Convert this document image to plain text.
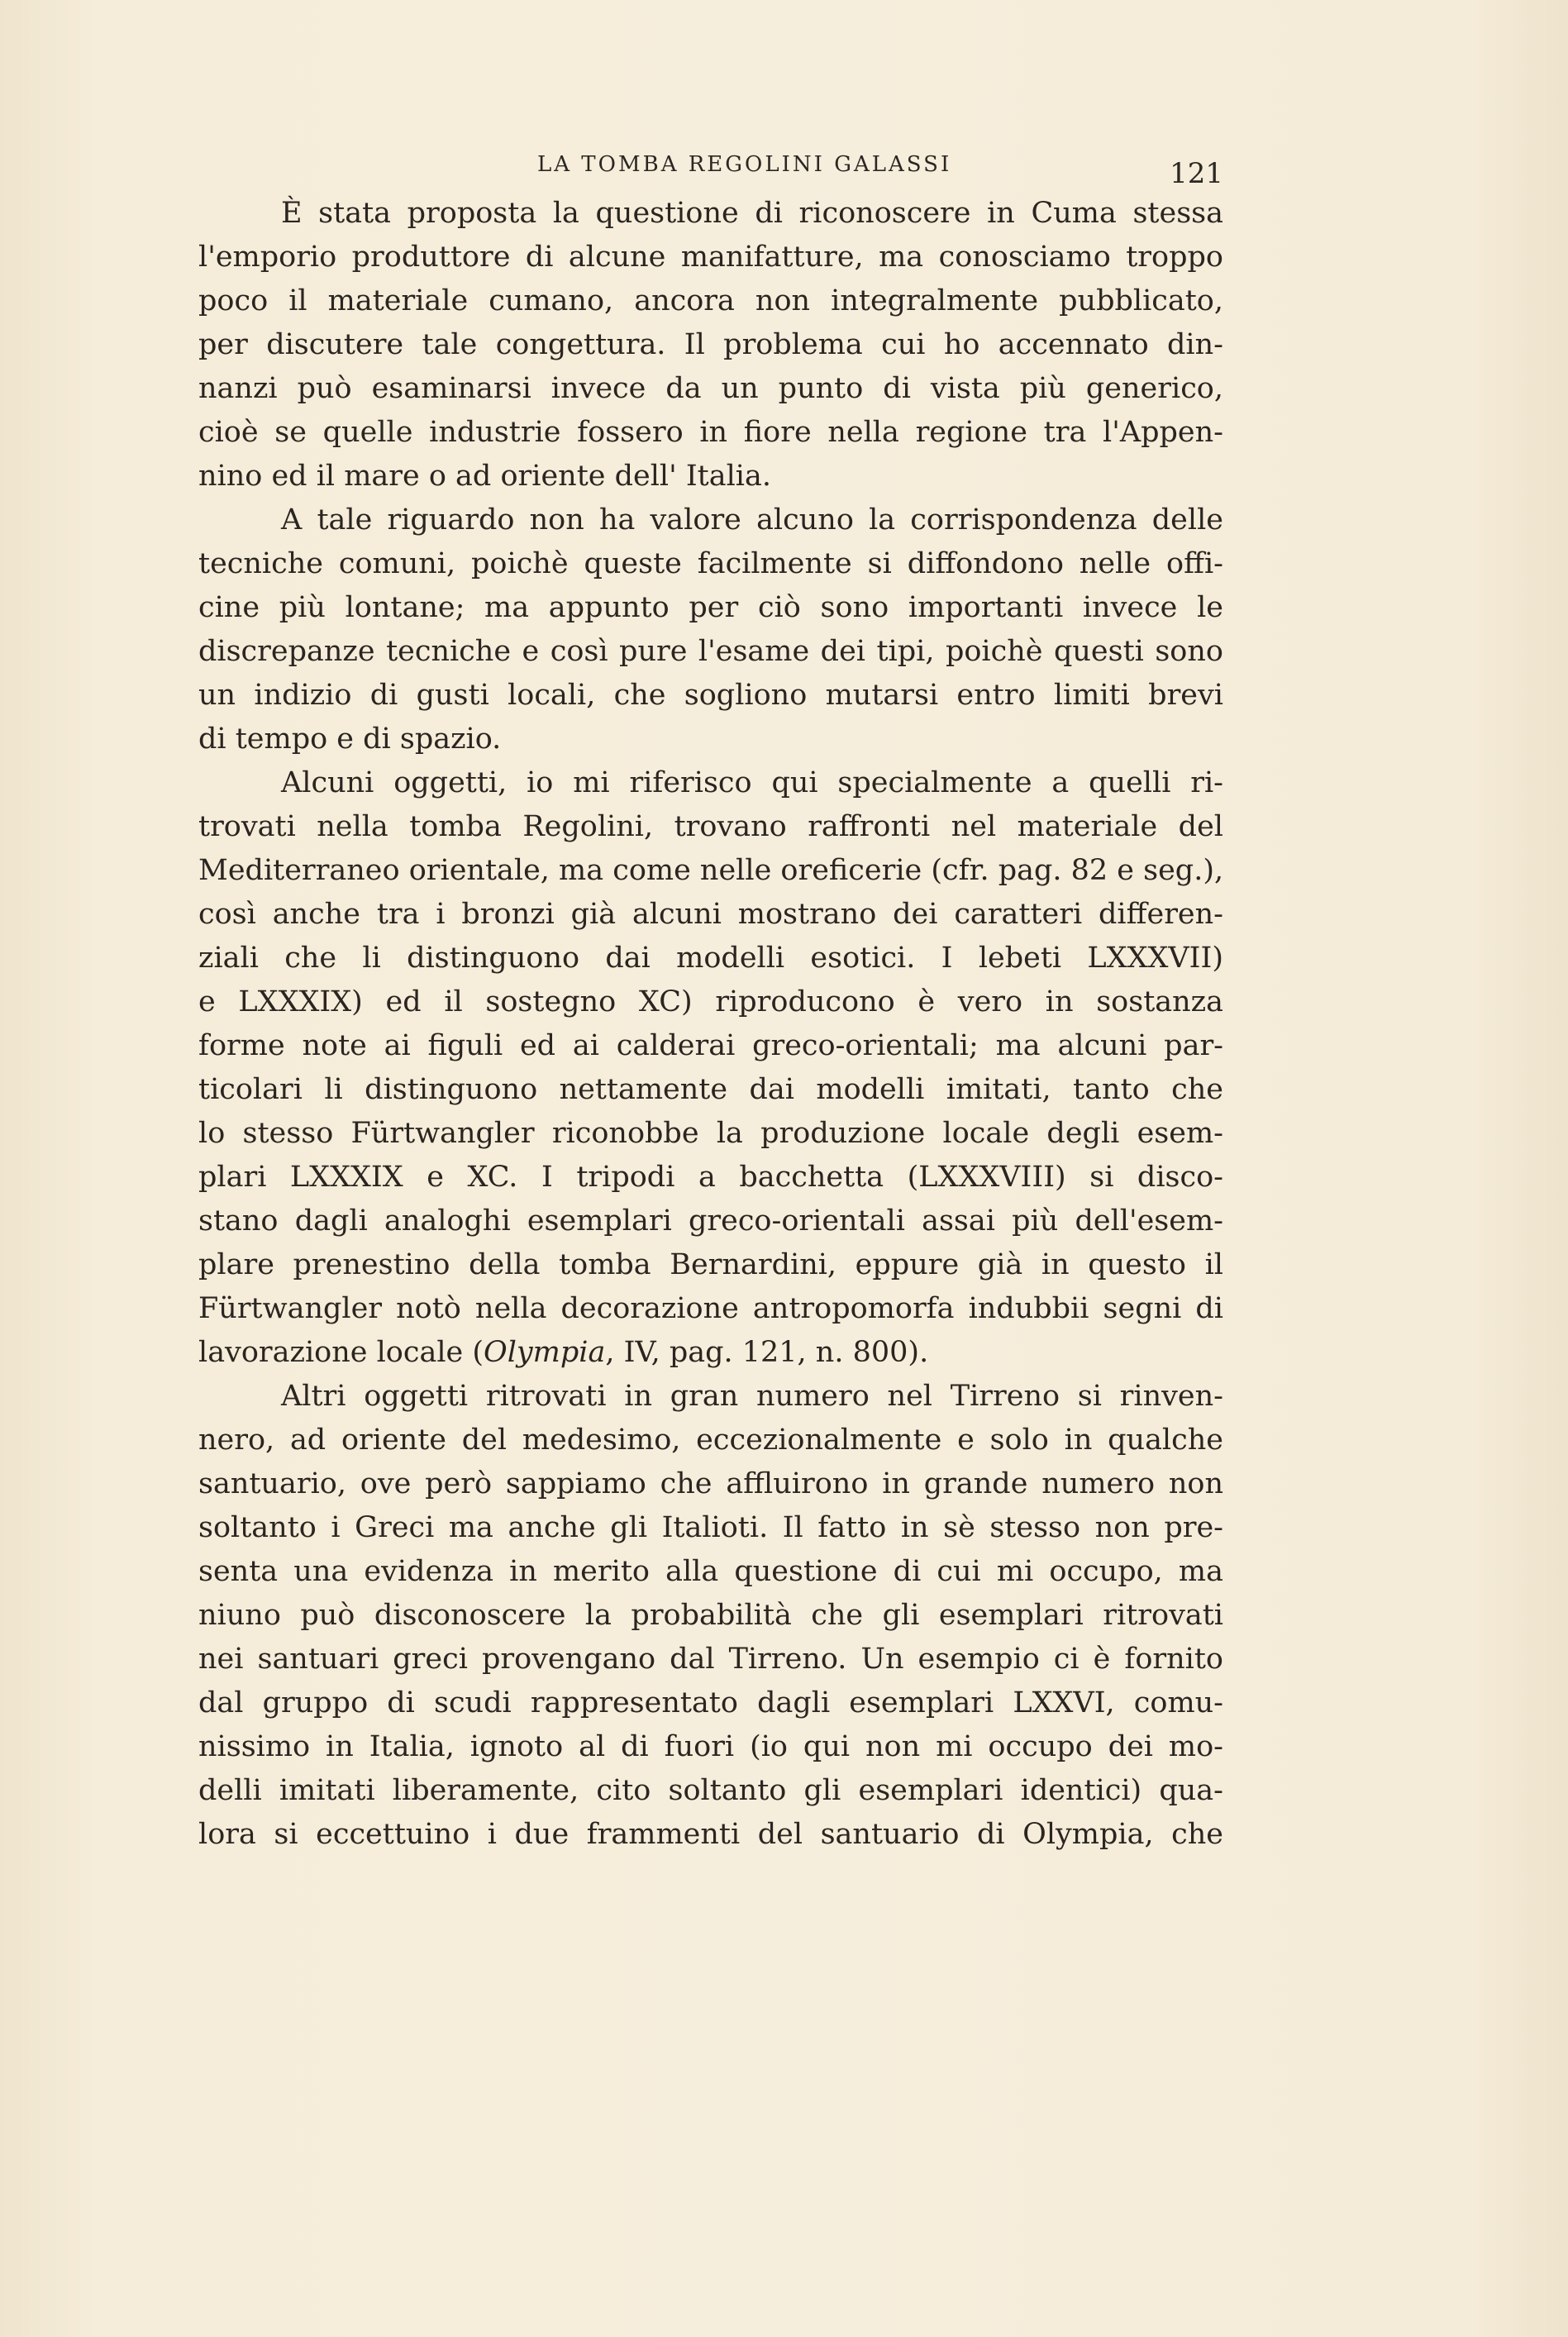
LA TOMBA REGOLINI GALASSI	121
È stata proposta la questione di riconoscere in Cuma stessa
l'emporio produttore di alcune manifatture, ma conosciamo troppo
poco il materiale cumano, ancora non integralmente pubblicato,
per discutere tale congettura. Il problema cui ho accennato din-
nanzi può esaminarsi invece da un punto di vista più generico,
cioè se quelle industrie fossero in fiore nella regione tra l'Appen-
nino ed il mare o ad oriente dell' Italia.
A tale riguardo non ha valore alcuno la corrispondenza delle
tecniche comuni, poichè queste facilmente si diffondono nelle offi-
cine più lontane; ma appunto per ciò sono importanti invece le
discrepanze tecniche e così pure l'esame dei tipi, poichè questi sono
un indizio di gusti locali, che sogliono mutarsi entro limiti brevi
di tempo e di spazio.
Alcuni oggetti, io mi riferisco qui specialmente a quelli ri-
trovati nella tomba Regolini, trovano raffronti nel materiale del
Mediterraneo orientale, ma come nelle oreficerie (cfr. pag. 82 e seg.),
così anche tra i bronzi già alcuni mostrano dei caratteri differen-
ziali che li distinguono dai modelli esotici. I lebeti LXXXVII)
e LXXXIX) ed il sostegno XC) riproducono è vero in sostanza
forme note ai figuli ed ai calderai greco-orientali; ma alcuni par-
ticolari li distinguono nettamente dai modelli imitati, tanto che
lo stesso Fürtwangler riconobbe la produzione locale degli esem-
plari LXXXIX e XC. I tripodi a bacchetta (LXXXVIII) si disco-
stano dagli analoghi esemplari greco-orientali assai più dell'esem-
plare prenestino della tomba Bernardini, eppure già in questo il
Fürtwangler notò nella decorazione antropomorfa indubbii segni di
lavorazione locale (Olympia, IV, pag. 121, n. 800).
Altri oggetti ritrovati in gran numero nel Tirreno si rinven-
nero, ad oriente del medesimo, eccezionalmente e solo in qualche
santuario, ove però sappiamo che affluirono in grande numero non
soltanto i Greci ma anche gli Italioti. Il fatto in sè stesso non pre-
senta una evidenza in merito alla questione di cui mi occupo, ma
niuno può disconoscere la probabilità che gli esemplari ritrovati
nei santuari greci provengano dal Tirreno. Un esempio ci è fornito
dal gruppo di scudi rappresentato dagli esemplari LXXVI, comu-
nissimo in Italia, ignoto al di fuori (io qui non mi occupo dei mo-
delli imitati liberamente, cito soltanto gli esemplari identici) qua-
lora si eccettuino i due frammenti del santuario di Olympia, che
